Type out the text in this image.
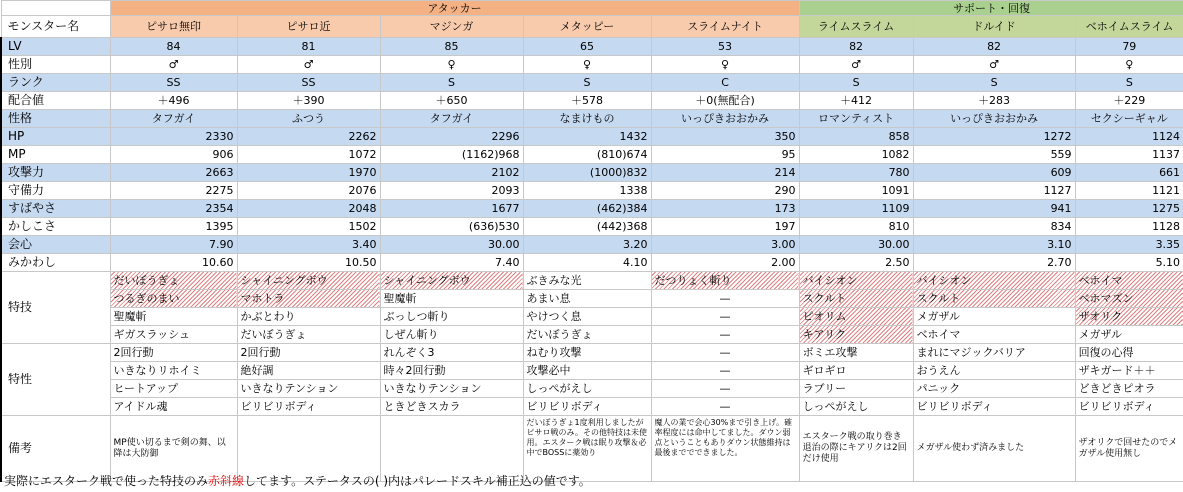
	アタッカー					サポート・回復		
モンスター名	ピサロ無印	ピサロ近	マジンガ	メタッピー	スライムナイト	ライムスライム	ドルイド	ベホイムスライム
LV	84	81	85	65	53	82	82	79
性別	♂	♂	♀	♀	♀	♂	♂	♀
ランク	SS	SS	S	S	C	S	S	S
配合値	＋496	＋390	＋650	＋578	＋0(無配合)	＋412	＋283	＋229
性格	タフガイ	ふつう	タフガイ	なまけもの	いっぴきおおかみ	ロマンティスト	いっぴきおおかみ	セクシーギャル
HP	2330	2262	2296	1432	350	858	1272	1124
MP	906	1072	(1162)968	(810)674	95	1082	559	1137
攻撃力	2663	1970	2102	(1000)832	214	780	609	661
守備力	2275	2076	2093	1338	290	1091	1127	1121
すばやさ	2354	2048	1677	(462)384	173	1109	941	1275
かしこさ	1395	1502	(636)530	(442)368	197	810	834	1128
会心	7.90	3.40	30.00	3.20	3.00	30.00	3.10	3.35
みかわし	10.60	10.50	7.40	4.10	2.00	2.50	2.70	5.10
特技	だいぼうぎょ	シャイニングボウ	シャイニングボウ	ぶきみな光	だつりょく斬り	バイシオン	バイシオン	ベホイマ
	つるぎのまい	マホトラ	聖魔斬	あまい息	—	スクルト	スクルト	ベホマズン
	聖魔斬	かぶとわり	ぶっしつ斬り	やけつく息	—	ピオリム	メガザル	ザオリク
	ギガスラッシュ	だいぼうぎょ	しぜん斬り	だいぼうぎょ	—	キアリク	ベホイマ	メガザル
特性	2回行動	2回行動	れんぞく3	ねむり攻撃	—	ボミエ攻撃	まれにマジックバリア	回復の心得
	いきなりリホイミ	絶好調	時々2回行動	攻撃必中	—	ギロギロ	おうえん	ザキガード＋＋
	ヒートアップ	いきなりテンション	いきなりテンション	しっぺがえし	—	ラブリー	パニック	どきどきピオラ
	アイドル魂	ビリビリボディ	ときどきスカラ	ビリビリボディ	—	しっぺがえし	ビリビリボディ	ビリビリボディ
備考	MP使い切るまで剣の舞、以降は大防御			だいぼうぎょ1度利用しましたがピサロ戦のみ。その他特技は未使用。エスターク戦は眠り攻撃＆必中でBOSSに薬効り	魔人の業で会心30%まで引き上げ。確率程度には命中してました。ダウン弱点ということもありダウン状態維持は最後まででできました。	エスターク戦の取り巻き退治の際にキアリクは2回だけ使用	メガザル使わず済みました	ザオリクで回せたのでメガザル使用無し
実際にエスターク戦で使った特技のみ赤斜線してます。ステータスの( )内はパレードスキル補正込の値です。
